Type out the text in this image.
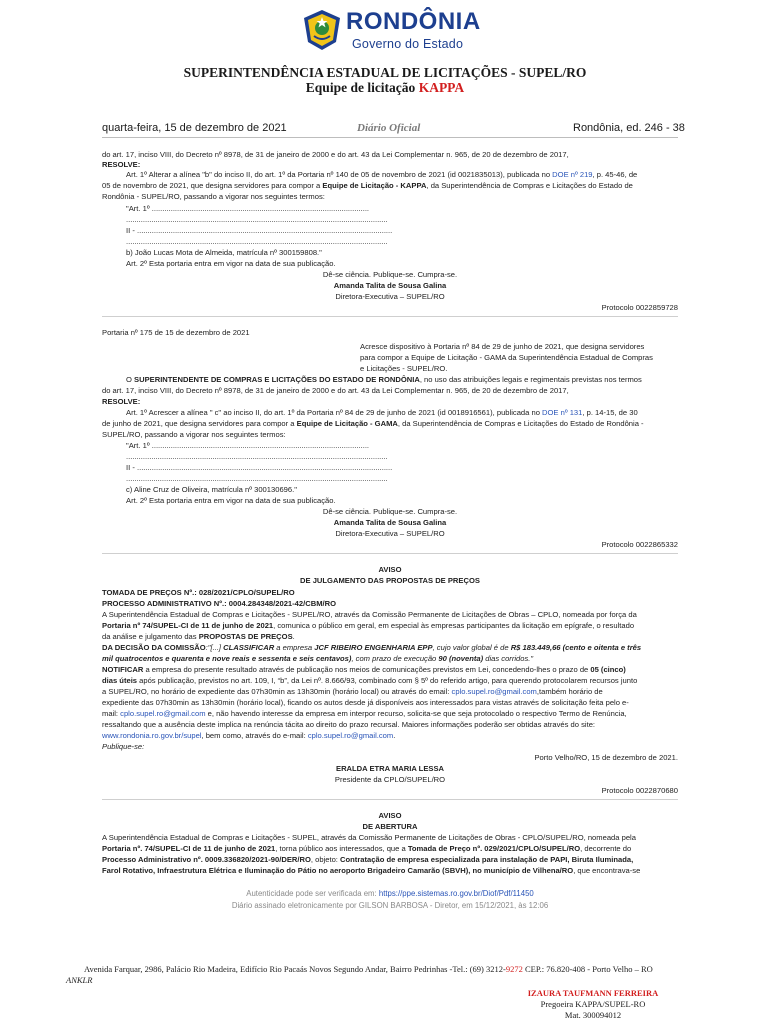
RONDÔNIA
Governo do Estado
SUPERINTENDÊNCIA ESTADUAL DE LICITAÇÕES - SUPEL/RO
Equipe de licitação KAPPA
quarta-feira, 15 de dezembro de 2021	Diário Oficial	Rondônia, ed. 246 - 38
do art. 17, inciso VIII, do Decreto nº 8978, de 31 de janeiro de 2000 e do art. 43 da Lei Complementar n. 965, de 20 de dezembro de 2017,
RESOLVE:
Art. 1º Alterar a alínea "b" do inciso II, do art. 1º da Portaria nº 140 de 05 de novembro de 2021 (id 0021835013), publicada no DOE nº 219, p. 45-46, de
05 de novembro de 2021, que designa servidores para compor a Equipe de Licitação - KAPPA, da Superintendência de Compras e Licitações do Estado de
Rondônia - SUPEL/RO, passando a vigorar nos seguintes termos:
"Art. 1º .......................................................................................................
............................................................................................................................
II - .........................................................................................................................
............................................................................................................................
b) João Lucas Mota de Almeida, matrícula nº 300159808."
Art. 2º Esta portaria entra em vigor na data de sua publicação.
Dê-se ciência. Publique-se. Cumpra-se.
Amanda Talita de Sousa Galina
Diretora-Executiva – SUPEL/RO
Protocolo 0022859728
Portaria nº 175 de 15 de dezembro de 2021
Acresce dispositivo à Portaria nº 84 de 29 de junho de 2021, que designa servidores
para compor a Equipe de Licitação - GAMA da Superintendência Estadual de Compras
e Licitações - SUPEL/RO.
O SUPERINTENDENTE DE COMPRAS E LICITAÇÕES DO ESTADO DE RONDÔNIA, no uso das atribuições legais e regimentais previstas nos termos
do art. 17, inciso VIII, do Decreto nº 8978, de 31 de janeiro de 2000 e do art. 43 da Lei Complementar n. 965, de 20 de dezembro de 2017,
RESOLVE:
Art. 1º Acrescer a alínea " c" ao inciso II, do art. 1º da Portaria nº 84 de 29 de junho de 2021 (id 0018916561), publicada no DOE nº 131, p. 14-15, de 30
de junho de 2021, que designa servidores para compor a Equipe de Licitação - GAMA, da Superintendência de Compras e Licitações do Estado de Rondônia -
SUPEL/RO, passando a vigorar nos seguintes termos:
"Art. 1º .......................................................................................................
............................................................................................................................
II - .........................................................................................................................
............................................................................................................................
c) Aline Cruz de Oliveira, matrícula nº 300130696."
Art. 2º Esta portaria entra em vigor na data de sua publicação.
Dê-se ciência. Publique-se. Cumpra-se.
Amanda Talita de Sousa Galina
Diretora-Executiva – SUPEL/RO
Protocolo 0022865332
AVISO
DE JULGAMENTO DAS PROPOSTAS DE PREÇOS
TOMADA DE PREÇOS Nº.: 028/2021/CPLO/SUPEL/RO
PROCESSO ADMINISTRATIVO Nº.: 0004.284348/2021-42/CBM/RO
A Superintendência Estadual de Compras e Licitações - SUPEL/RO, através da Comissão Permanente de Licitações de Obras – CPLO, nomeada por força da
Portaria nº 74/SUPEL-CI de 11 de junho de 2021, comunica o público em geral, em especial às empresas participantes da licitação em epígrafe, o resultado
da análise e julgamento das PROPOSTAS DE PREÇOS.
DA DECISÃO DA COMISSÃO:"[...] CLASSIFICAR a empresa JCF RIBEIRO ENGENHARIA EPP, cujo valor global é de R$ 183.449,66 (cento e oitenta e três
mil quatrocentos e quarenta e nove reais e sessenta e seis centavos), com prazo de execução 90 (noventa) dias corridos."
NOTIFICAR a empresa do presente resultado através de publicação nos meios de comunicações previstos em Lei, concedendo-lhes o prazo de 05 (cinco)
dias úteis após publicação, previstos no art. 109, I, “b”, da Lei nº. 8.666/93, combinado com § 5º do referido artigo, para querendo protocolarem recursos junto
a SUPEL/RO, no horário de expediente das 07h30min as 13h30min (horário local) ou através do email: cplo.supel.ro@gmail.com,também horário de
expediente das 07h30min as 13h30min (horário local), ficando os autos desde já disponíveis aos interessados para vistas através de solicitação feita pelo e-
mail: cplo.supel.ro@gmail.com e, não havendo interesse da empresa em interpor recurso, solicita-se que seja protocolado o respectivo Termo de Renúncia,
ressaltando que a ausência deste implica na renúncia tácita ao direito do prazo recursal. Maiores informações poderão ser obtidas através do site:
www.rondonia.ro.gov.br/supel, bem como, através do e-mail: cplo.supel.ro@gmail.com.
Publique-se:
Porto Velho/RO, 15 de dezembro de 2021.
ERALDA ETRA MARIA LESSA
Presidente da CPLO/SUPEL/RO
Protocolo 0022870680
AVISO
DE ABERTURA
A Superintendência Estadual de Compras e Licitações - SUPEL, através da Comissão Permanente de Licitações de Obras - CPLO/SUPEL/RO, nomeada pela
Portaria nº. 74/SUPEL-CI de 11 de junho de 2021, torna público aos interessados, que a Tomada de Preço nº. 029/2021/CPLO/SUPEL/RO, decorrente do
Processo Administrativo nº. 0009.336820/2021-90/DER/RO, objeto: Contratação de empresa especializada para instalação de PAPI, Biruta Iluminada,
Farol Rotativo, Infraestrutura Elétrica e Iluminação do Pátio no aeroporto Brigadeiro Camarão (SBVH), no município de Vilhena/RO, que encontrava-se
Autenticidade pode ser verificada em: https://ppe.sistemas.ro.gov.br/Diof/Pdf/11450
Diário assinado eletronicamente por GILSON BARBOSA - Diretor, em 15/12/2021, às 12:06
Avenida Farquar, 2986, Palácio Rio Madeira, Edifício Rio Pacaás Novos Segundo Andar, Bairro Pedrinhas -Tel.: (69) 3212-9272 CEP.: 76.820-408 - Porto Velho – RO
ANKLR
IZAURA TAUFMANN FERREIRA
Pregoeira KAPPA/SUPEL-RO
Mat. 300094012
